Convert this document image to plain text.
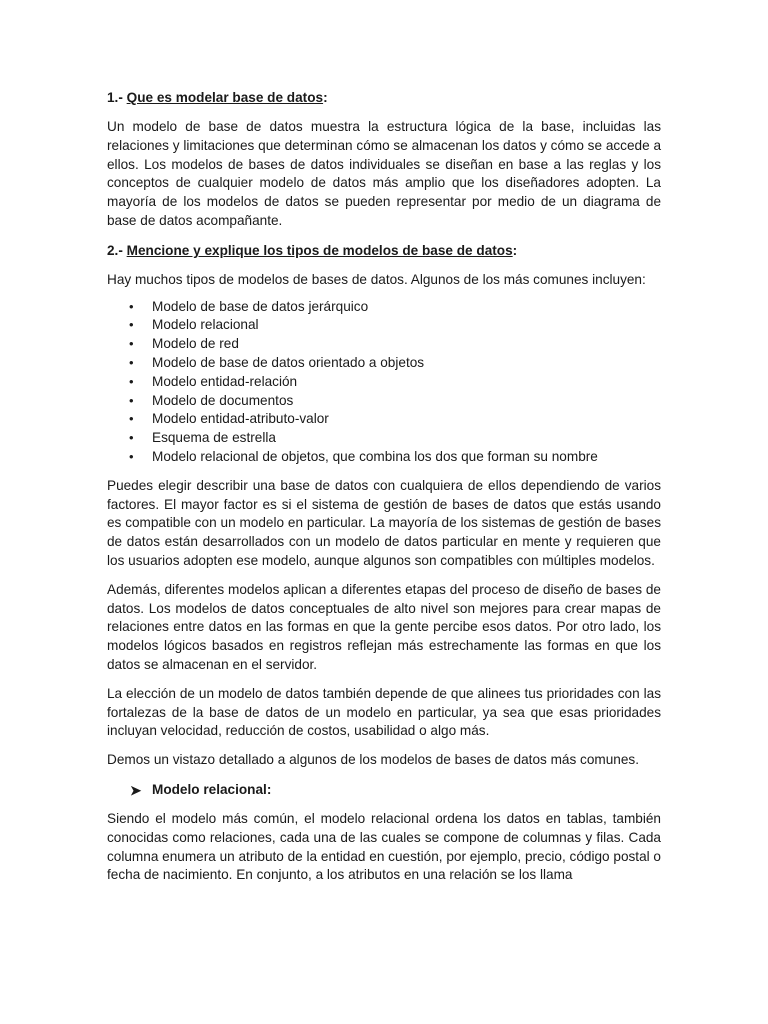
1.- Que es modelar base de datos:

Un modelo de base de datos muestra la estructura lógica de la base, incluidas las relaciones y limitaciones que determinan cómo se almacenan los datos y cómo se accede a ellos. Los modelos de bases de datos individuales se diseñan en base a las reglas y los conceptos de cualquier modelo de datos más amplio que los diseñadores adopten. La mayoría de los modelos de datos se pueden representar por medio de un diagrama de base de datos acompañante.

2.- Mencione y explique los tipos de modelos de base de datos:

Hay muchos tipos de modelos de bases de datos. Algunos de los más comunes incluyen:

• Modelo de base de datos jerárquico
• Modelo relacional
• Modelo de red
• Modelo de base de datos orientado a objetos
• Modelo entidad-relación
• Modelo de documentos
• Modelo entidad-atributo-valor
• Esquema de estrella
• Modelo relacional de objetos, que combina los dos que forman su nombre

Puedes elegir describir una base de datos con cualquiera de ellos dependiendo de varios factores. El mayor factor es si el sistema de gestión de bases de datos que estás usando es compatible con un modelo en particular. La mayoría de los sistemas de gestión de bases de datos están desarrollados con un modelo de datos particular en mente y requieren que los usuarios adopten ese modelo, aunque algunos son compatibles con múltiples modelos.

Además, diferentes modelos aplican a diferentes etapas del proceso de diseño de bases de datos. Los modelos de datos conceptuales de alto nivel son mejores para crear mapas de relaciones entre datos en las formas en que la gente percibe esos datos. Por otro lado, los modelos lógicos basados en registros reflejan más estrechamente las formas en que los datos se almacenan en el servidor.

La elección de un modelo de datos también depende de que alinees tus prioridades con las fortalezas de la base de datos de un modelo en particular, ya sea que esas prioridades incluyan velocidad, reducción de costos, usabilidad o algo más.

Demos un vistazo detallado a algunos de los modelos de bases de datos más comunes.

➤ Modelo relacional:

Siendo el modelo más común, el modelo relacional ordena los datos en tablas, también conocidas como relaciones, cada una de las cuales se compone de columnas y filas. Cada columna enumera un atributo de la entidad en cuestión, por ejemplo, precio, código postal o fecha de nacimiento. En conjunto, a los atributos en una relación se los llama
